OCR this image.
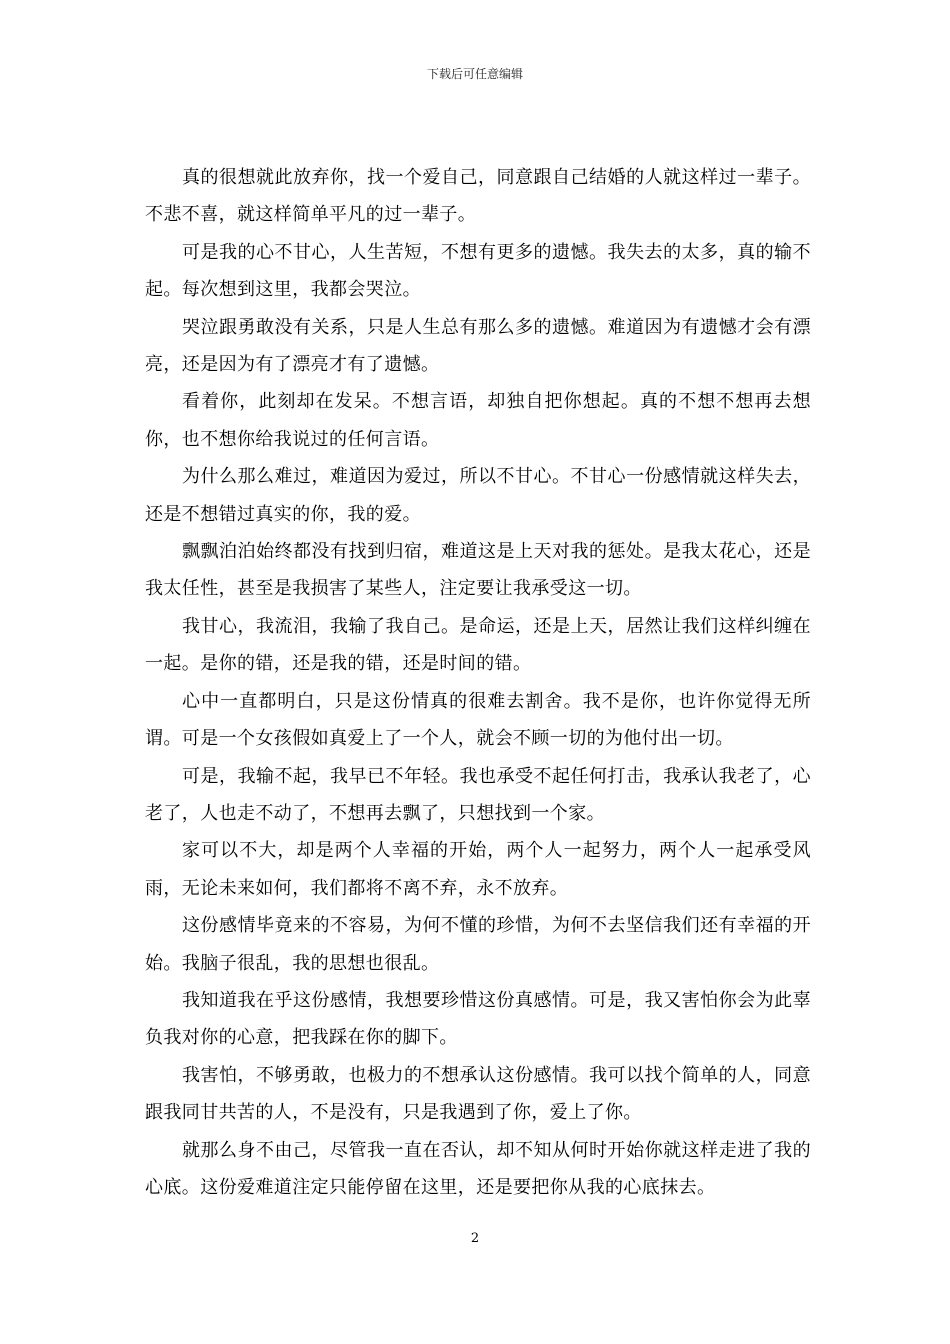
下载后可任意编辑

真的很想就此放弃你，找一个爱自己，同意跟自己结婚的人就这样过一辈子。不悲不喜，就这样简单平凡的过一辈子。

可是我的心不甘心，人生苦短，不想有更多的遗憾。我失去的太多，真的输不起。每次想到这里，我都会哭泣。

哭泣跟勇敢没有关系，只是人生总有那么多的遗憾。难道因为有遗憾才会有漂亮，还是因为有了漂亮才有了遗憾。

看着你，此刻却在发呆。不想言语，却独自把你想起。真的不想不想再去想你，也不想你给我说过的任何言语。

为什么那么难过，难道因为爱过，所以不甘心。不甘心一份感情就这样失去，还是不想错过真实的你，我的爱。

飘飘泊泊始终都没有找到归宿，难道这是上天对我的惩处。是我太花心，还是我太任性，甚至是我损害了某些人，注定要让我承受这一切。

我甘心，我流泪，我输了我自己。是命运，还是上天，居然让我们这样纠缠在一起。是你的错，还是我的错，还是时间的错。

心中一直都明白，只是这份情真的很难去割舍。我不是你，也许你觉得无所谓。可是一个女孩假如真爱上了一个人，就会不顾一切的为他付出一切。

可是，我输不起，我早已不年轻。我也承受不起任何打击，我承认我老了，心老了，人也走不动了，不想再去飘了，只想找到一个家。

家可以不大，却是两个人幸福的开始，两个人一起努力，两个人一起承受风雨，无论未来如何，我们都将不离不弃，永不放弃。

这份感情毕竟来的不容易，为何不懂的珍惜，为何不去坚信我们还有幸福的开始。我脑子很乱，我的思想也很乱。

我知道我在乎这份感情，我想要珍惜这份真感情。可是，我又害怕你会为此辜负我对你的心意，把我踩在你的脚下。

我害怕，不够勇敢，也极力的不想承认这份感情。我可以找个简单的人，同意跟我同甘共苦的人，不是没有，只是我遇到了你，爱上了你。

就那么身不由己，尽管我一直在否认，却不知从何时开始你就这样走进了我的心底。这份爱难道注定只能停留在这里，还是要把你从我的心底抹去。

2
